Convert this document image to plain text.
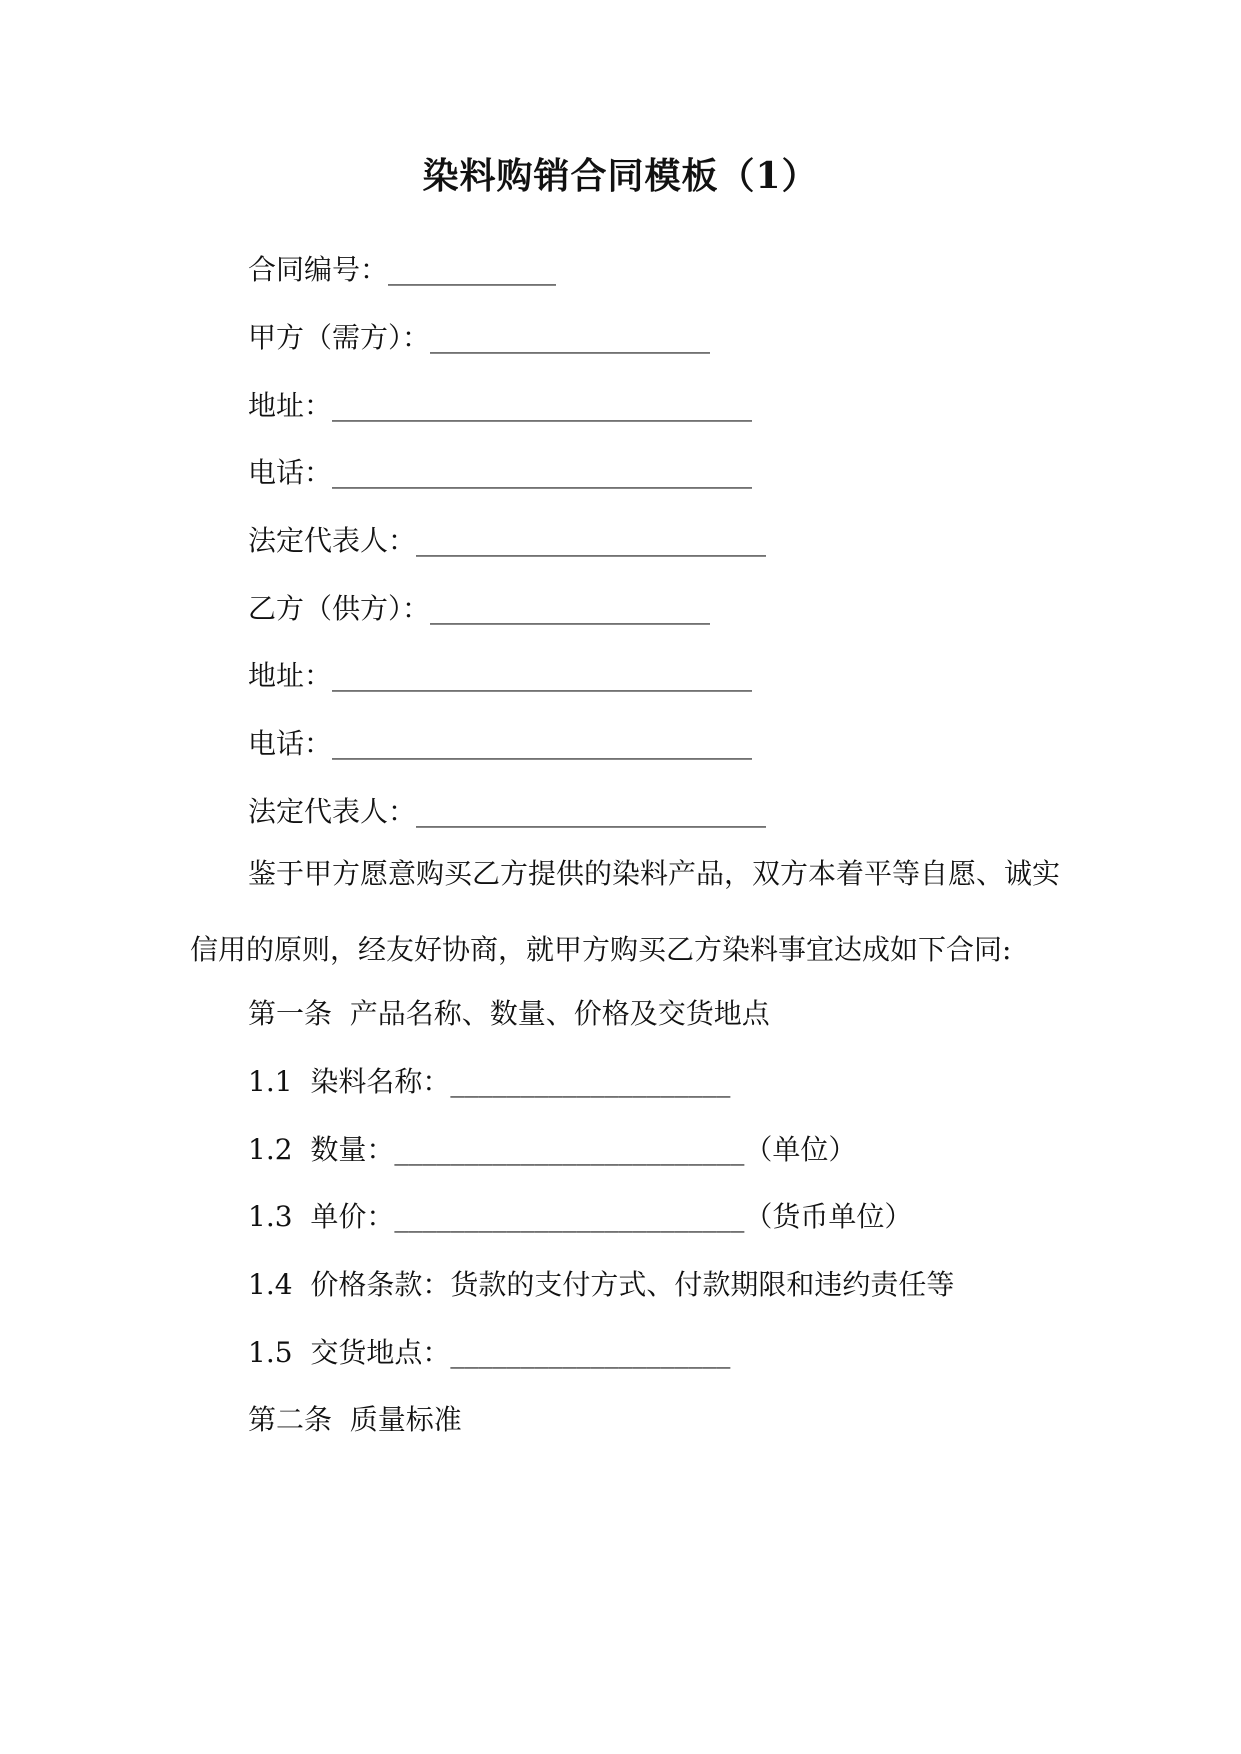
染料购销合同模板（1）
合同编号：____________
甲方（需方）：____________________
地址：______________________________
电话：______________________________
法定代表人：_________________________
乙方（供方）：____________________
地址：______________________________
电话：______________________________
法定代表人：_________________________
鉴于甲方愿意购买乙方提供的染料产品，双方本着平等自愿、诚实信用的原则，经友好协商，就甲方购买乙方染料事宜达成如下合同:
第一条  产品名称、数量、价格及交货地点
1.1  染料名称：____________________
1.2  数量：_________________________（单位）
1.3  单价：_________________________（货币单位）
1.4  价格条款：货款的支付方式、付款期限和违约责任等
1.5  交货地点：____________________
第二条  质量标准
